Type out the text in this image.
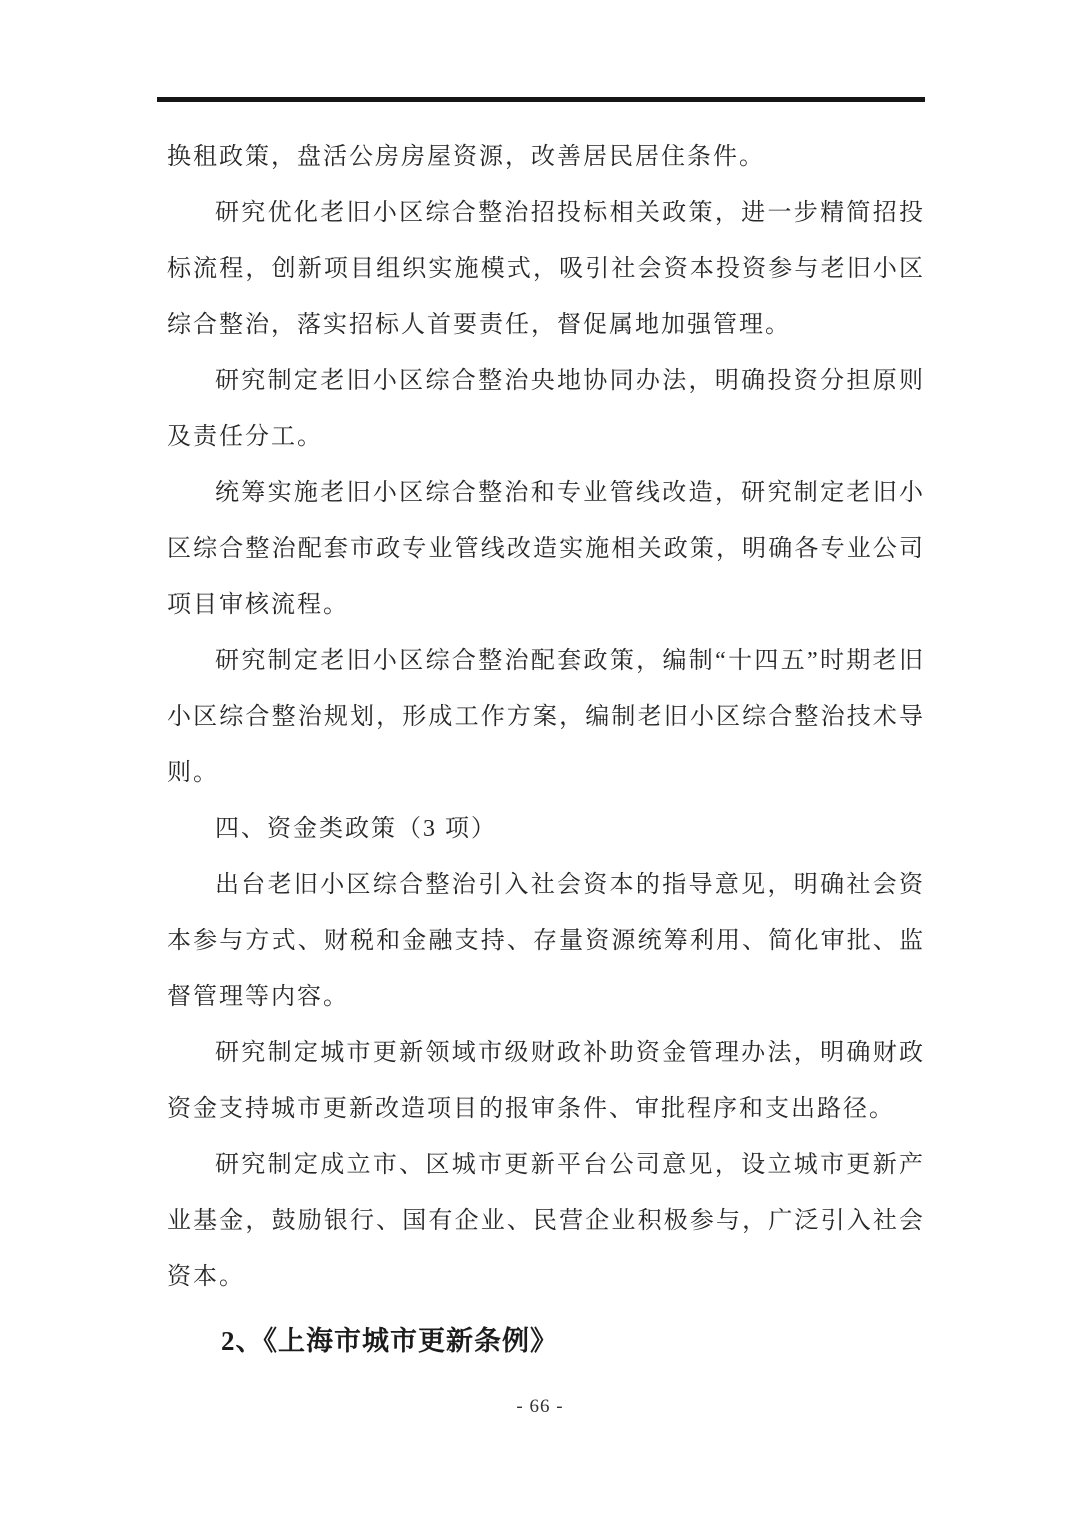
换租政策，盘活公房房屋资源，改善居民居住条件。

研究优化老旧小区综合整治招投标相关政策，进一步精简招投标流程，创新项目组织实施模式，吸引社会资本投资参与老旧小区综合整治，落实招标人首要责任，督促属地加强管理。

研究制定老旧小区综合整治央地协同办法，明确投资分担原则及责任分工。

统筹实施老旧小区综合整治和专业管线改造，研究制定老旧小区综合整治配套市政专业管线改造实施相关政策，明确各专业公司项目审核流程。

研究制定老旧小区综合整治配套政策，编制“十四五”时期老旧小区综合整治规划，形成工作方案，编制老旧小区综合整治技术导则。

四、资金类政策（3 项）

出台老旧小区综合整治引入社会资本的指导意见，明确社会资本参与方式、财税和金融支持、存量资源统筹利用、简化审批、监督管理等内容。

研究制定城市更新领域市级财政补助资金管理办法，明确财政资金支持城市更新改造项目的报审条件、审批程序和支出路径。

研究制定成立市、区城市更新平台公司意见，设立城市更新产业基金，鼓励银行、国有企业、民营企业积极参与，广泛引入社会资本。

2、《上海市城市更新条例》
- 66 -
